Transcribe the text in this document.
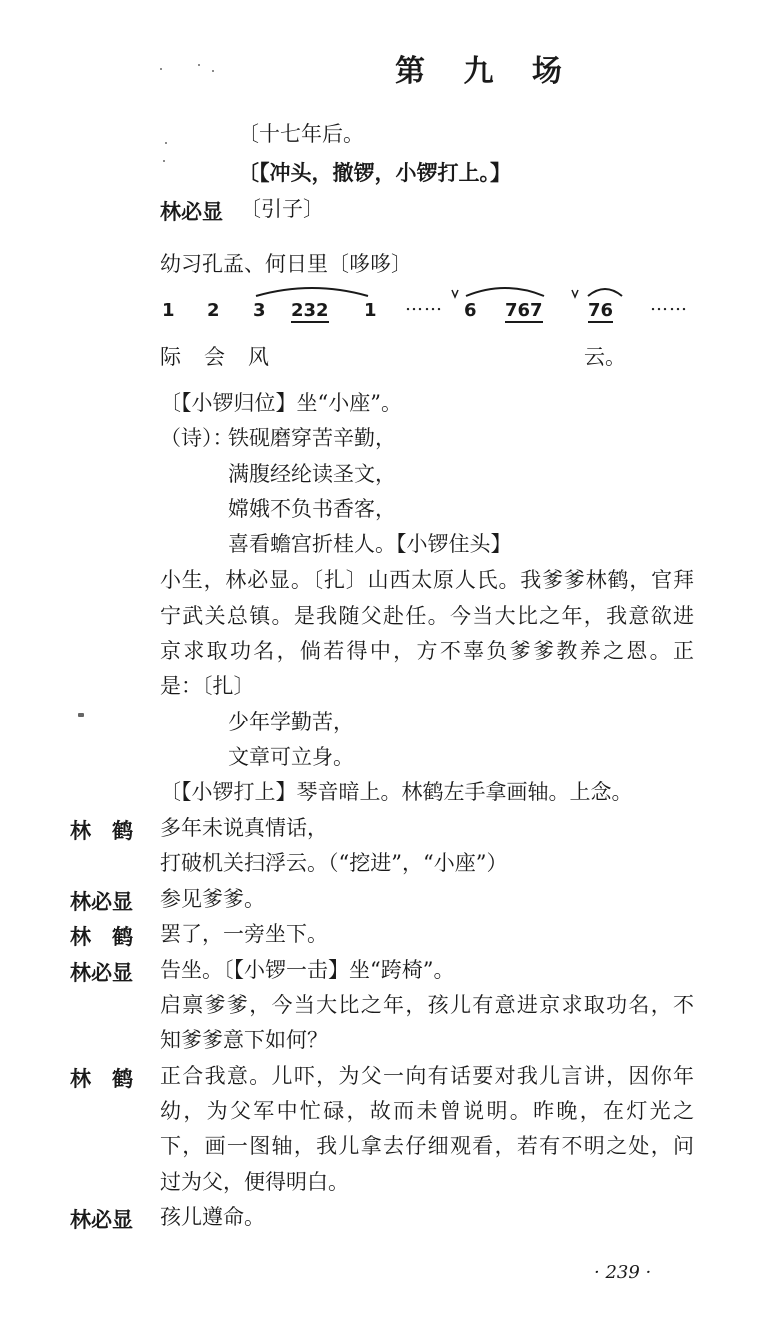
第 九 场
〔十七年后。
〔【冲头，撤锣，小锣打上。】
林必显 〔引子〕
幼习孔孟、何日里〔哆哆〕
1 2 3 232 1 …… 6 767	76 ……
际 会 风	云。
〔【小锣归位】坐“小座”。
（诗）：
铁砚磨穿苦辛勤，
满腹经纶读圣文，
嫦娥不负书香客，
喜看蟾宫折桂人。【小锣住头】
小生，林必显。〔扎〕山西太原人氏。我爹爹林鹤，官拜
宁武关总镇。是我随父赴任。今当大比之年，我意欲进
京求取功名，倘若得中，方不辜负爹爹教养之恩。正
是：〔扎〕
少年学勤苦，
文章可立身。
〔【小锣打上】琴音暗上。林鹤左手拿画轴。上念。
林　鹤 多年未说真情话，
打破机关扫浮云。（“挖进”，“小座”）
林必显 参见爹爹。
林　鹤 罢了，一旁坐下。
林必显 告坐。〔【小锣一击】坐“跨椅”。
启禀爹爹，今当大比之年，孩儿有意进京求取功名，不
知爹爹意下如何？
林　鹤 正合我意。儿吓，为父一向有话要对我儿言讲，因你年
幼，为父军中忙碌，故而未曾说明。昨晚，在灯光之
下，画一图轴，我儿拿去仔细观看，若有不明之处，问
过为父，便得明白。
林必显 孩儿遵命。
· 239 ·
